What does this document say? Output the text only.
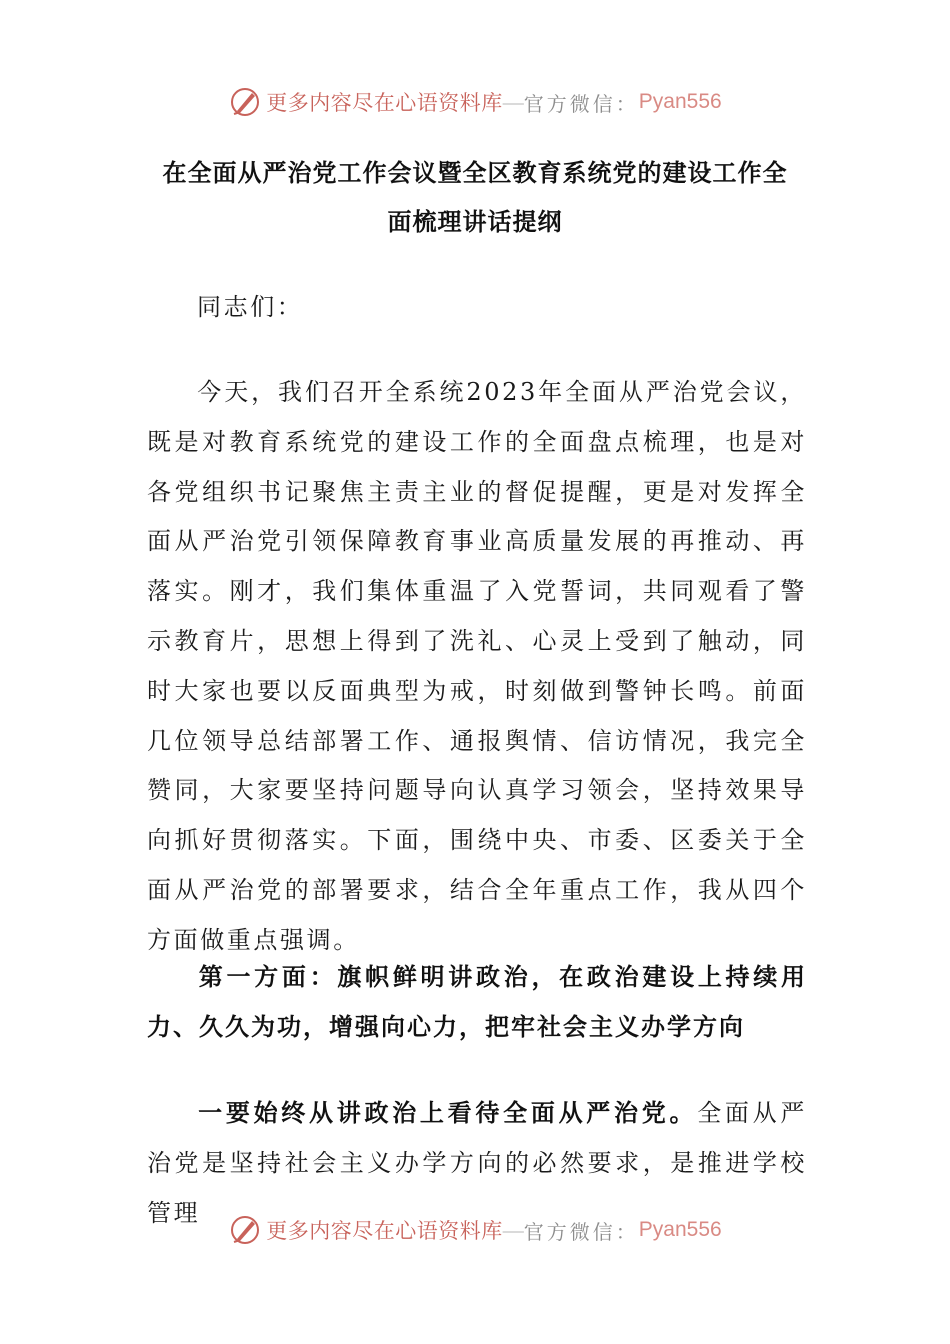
更多内容尽在心语资料库 — 官方微信： Pyan556
在全面从严治党工作会议暨全区教育系统党的建设工作全
面梳理讲话提纲
同志们：
今天，我们召开全系统2023年全面从严治党会议，既是对教育系统党的建设工作的全面盘点梳理，也是对各党组织书记聚焦主责主业的督促提醒，更是对发挥全面从严治党引领保障教育事业高质量发展的再推动、再落实。刚才，我们集体重温了入党誓词，共同观看了警示教育片，思想上得到了洗礼、心灵上受到了触动，同时大家也要以反面典型为戒，时刻做到警钟长鸣。前面几位领导总结部署工作、通报舆情、信访情况，我完全赞同，大家要坚持问题导向认真学习领会，坚持效果导向抓好贯彻落实。下面，围绕中央、市委、区委关于全面从严治党的部署要求，结合全年重点工作，我从四个方面做重点强调。
第一方面：旗帜鲜明讲政治，在政治建设上持续用力、久久为功，增强向心力，把牢社会主义办学方向
一要始终从讲政治上看待全面从严治党。全面从严治党是坚持社会主义办学方向的必然要求，是推进学校管理
更多内容尽在心语资料库 — 官方微信： Pyan556
